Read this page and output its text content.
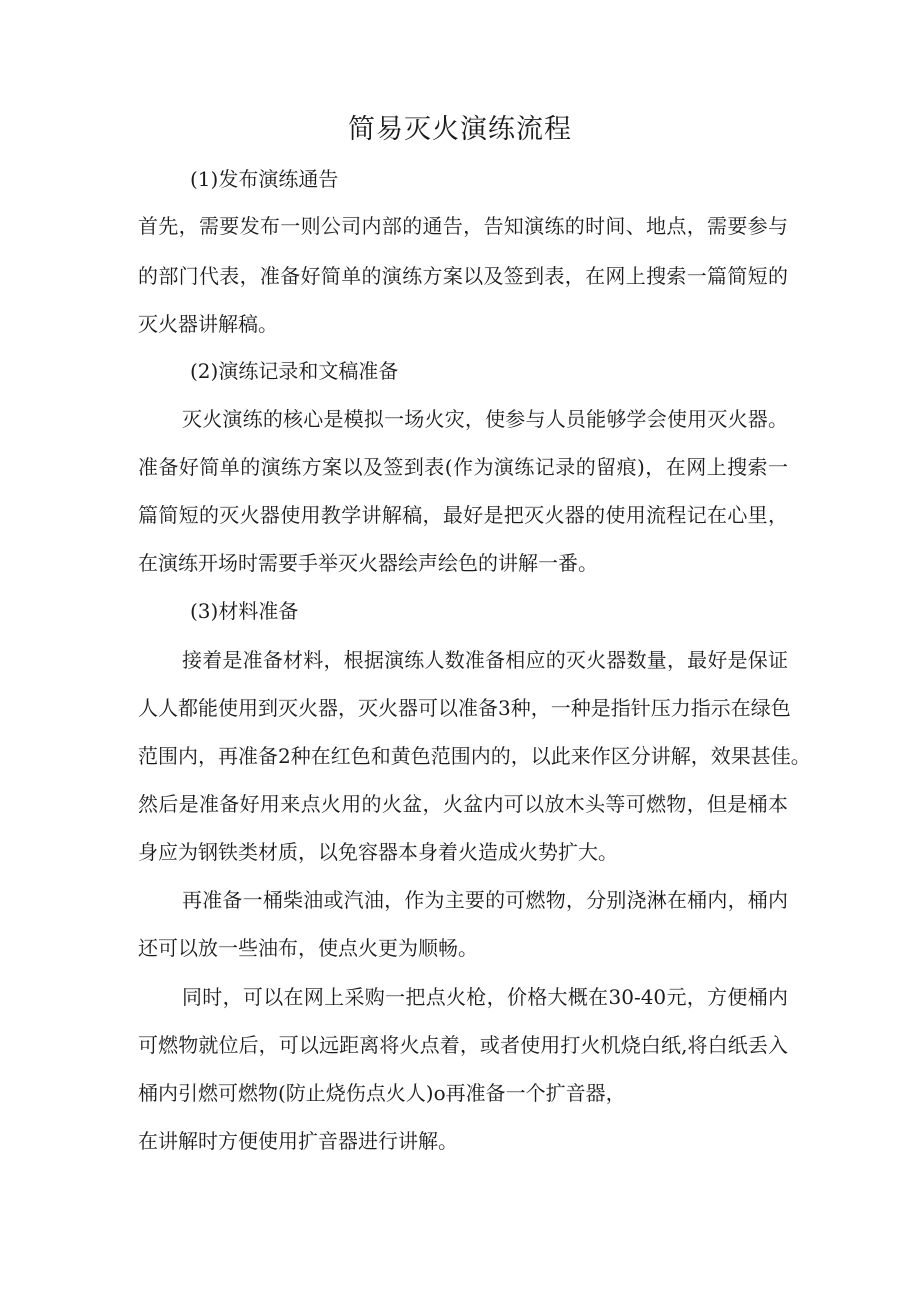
简易灭火演练流程
(1)发布演练通告
首先，需要发布一则公司内部的通告，告知演练的时间、地点，需要参与
的部门代表，准备好简单的演练方案以及签到表，在网上搜索一篇简短的
灭火器讲解稿。
(2)演练记录和文稿准备
灭火演练的核心是模拟一场火灾，使参与人员能够学会使用灭火器。
准备好简单的演练方案以及签到表(作为演练记录的留痕)，在网上搜索一
篇简短的灭火器使用教学讲解稿，最好是把灭火器的使用流程记在心里，
在演练开场时需要手举灭火器绘声绘色的讲解一番。
(3)材料准备
接着是准备材料，根据演练人数准备相应的灭火器数量，最好是保证
人人都能使用到灭火器，灭火器可以准备3种，一种是指针压力指示在绿色
范围内，再准备2种在红色和黄色范围内的，以此来作区分讲解，效果甚佳。
然后是准备好用来点火用的火盆，火盆内可以放木头等可燃物，但是桶本
身应为钢铁类材质，以免容器本身着火造成火势扩大。
再准备一桶柴油或汽油，作为主要的可燃物，分别浇淋在桶内，桶内
还可以放一些油布，使点火更为顺畅。
同时，可以在网上采购一把点火枪，价格大概在30-40元，方便桶内
可燃物就位后，可以远距离将火点着，或者使用打火机烧白纸,将白纸丢入
桶内引燃可燃物(防止烧伤点火人)o再准备一个扩音器，
在讲解时方便使用扩音器进行讲解。
